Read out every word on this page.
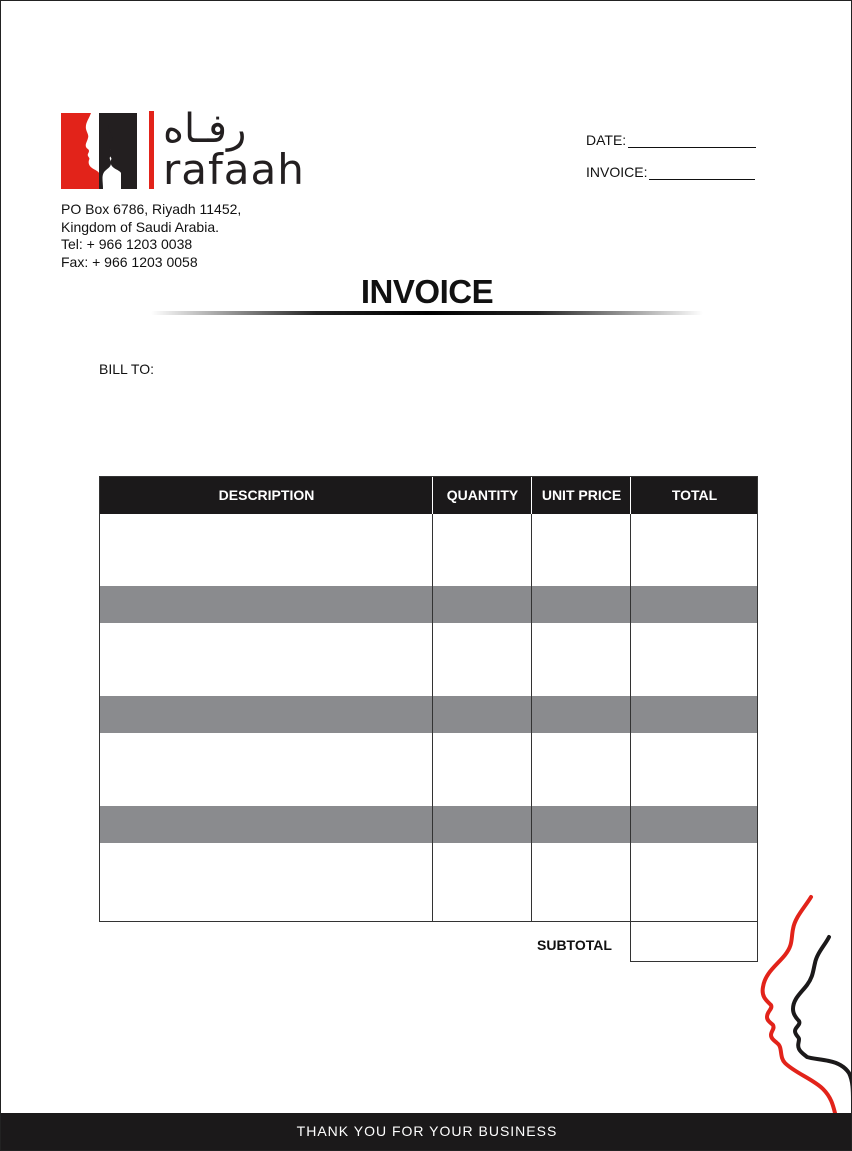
رفـاه
rafaah
PO Box 6786, Riyadh 11452,
Kingdom of Saudi Arabia.
Tel: + 966 1203 0038
Fax: + 966 1203 0058
DATE:
INVOICE:
INVOICE
BILL TO:
DESCRIPTION	QUANTITY	UNIT PRICE	TOTAL
SUBTOTAL
THANK YOU FOR YOUR BUSINESS
